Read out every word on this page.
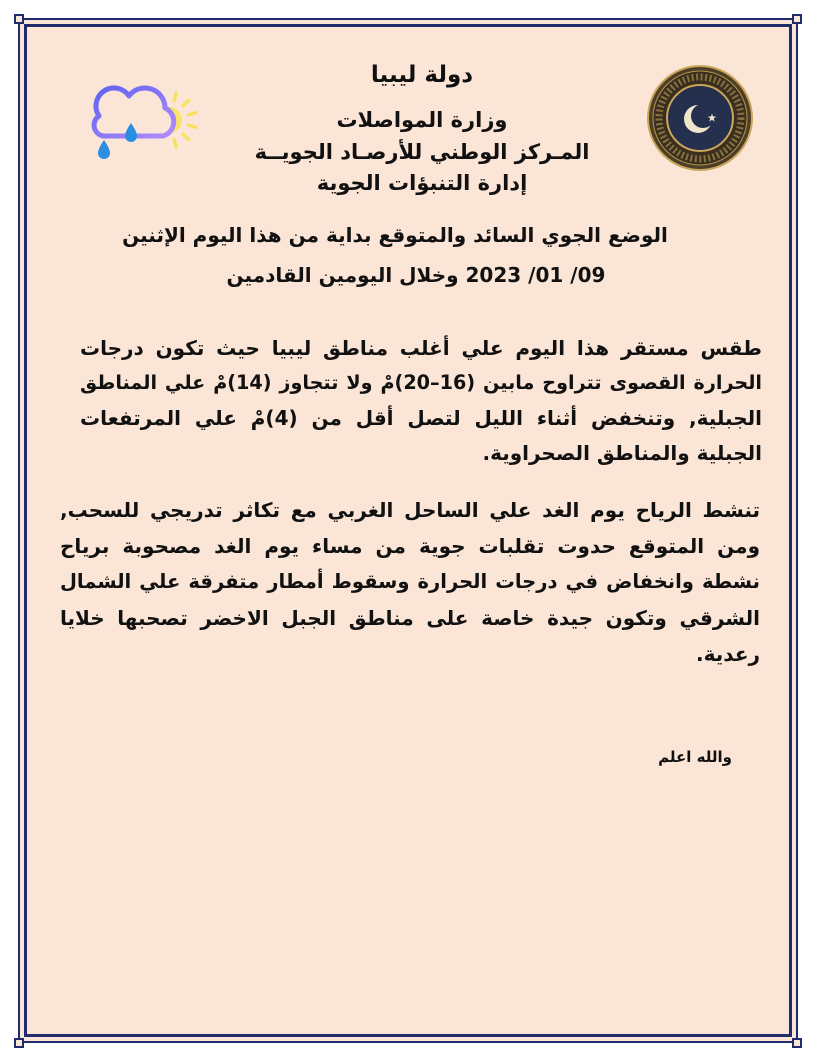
دولة ليبيا
وزارة المواصلات
المـركز الوطني للأرصـاد الجويــة
إدارة التنبؤات الجوية
الوضع الجوي السائد والمتوقع بداية من هذا اليوم الإثنين
09/ 01/ 2023 وخلال اليومين القادمين
طقس مستقر هذا اليوم علي أغلب مناطق ليبيا حيث تكون درجات
الحرارة القصوى تتراوح مابين (16–20)مْ ولا تتجاوز (14)مْ علي المناطق
الجبلية, وتنخفض أثناء الليل لتصل أقل من (4)مْ علي المرتفعات
الجبلية والمناطق الصحراوية.
تنشط الرياح يوم الغد علي الساحل الغربي مع تكاثر تدريجي للسحب,
ومن المتوقع حدوت تقلبات جوية من مساء يوم الغد مصحوبة برياح
نشطة وانخفاض في درجات الحرارة وسقوط أمطار متفرقة علي الشمال
الشرقي وتكون جيدة خاصة على مناطق الجبل الاخضر تصحبها خلايا
رعدية.
والله اعلم
